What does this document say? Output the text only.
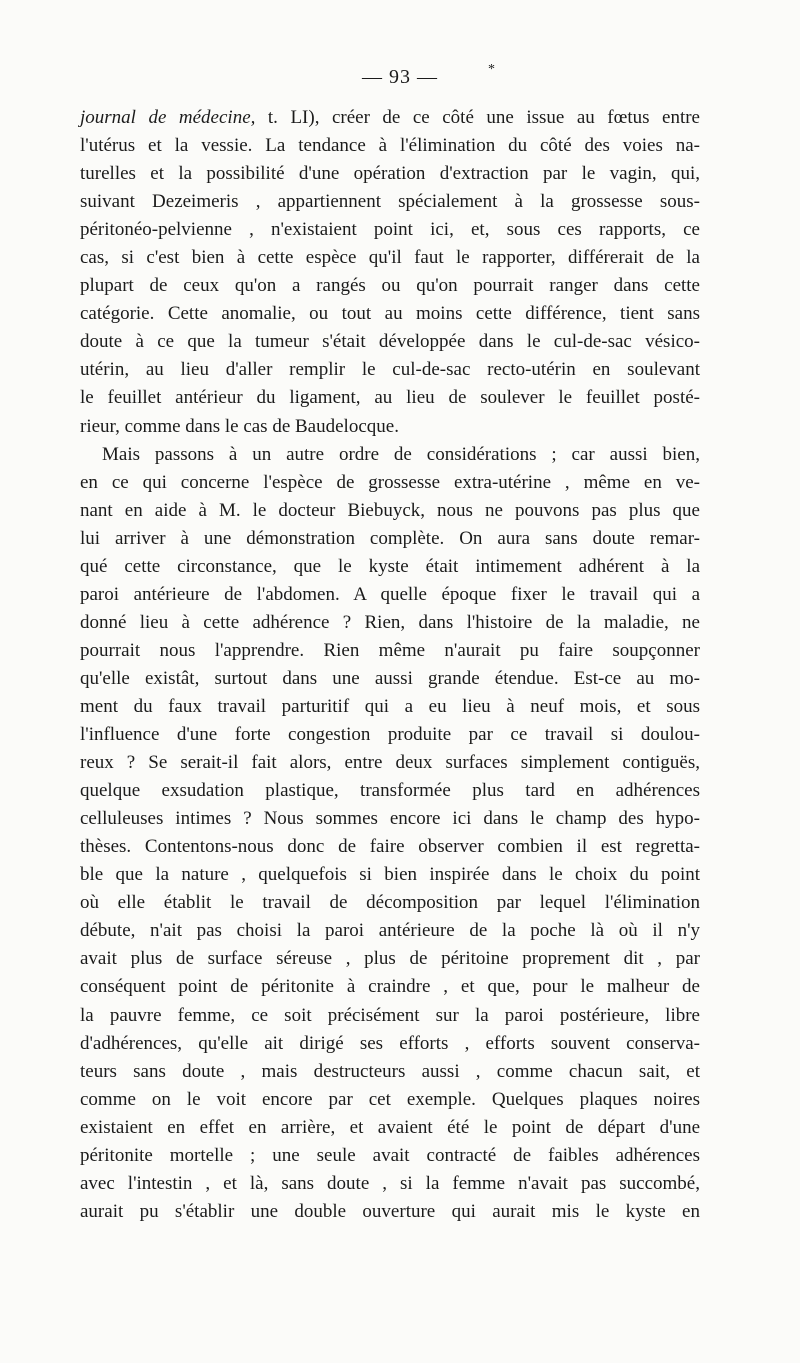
— 93 —	*
journal de médecine, t. LI), créer de ce côté une issue au fœtus entre
l'utérus et la vessie. La tendance à l'élimination du côté des voies na-
turelles et la possibilité d'une opération d'extraction par le vagin, qui,
suivant Dezeimeris , appartiennent spécialement à la grossesse sous-
péritonéo-pelvienne , n'existaient point ici, et, sous ces rapports, ce
cas, si c'est bien à cette espèce qu'il faut le rapporter, différerait de la
plupart de ceux qu'on a rangés ou qu'on pourrait ranger dans cette
catégorie. Cette anomalie, ou tout au moins cette différence, tient sans
doute à ce que la tumeur s'était développée dans le cul-de-sac vésico-
utérin, au lieu d'aller remplir le cul-de-sac recto-utérin en soulevant
le feuillet antérieur du ligament, au lieu de soulever le feuillet posté-
rieur, comme dans le cas de Baudelocque.
Mais passons à un autre ordre de considérations ; car aussi bien,
en ce qui concerne l'espèce de grossesse extra-utérine , même en ve-
nant en aide à M. le docteur Biebuyck, nous ne pouvons pas plus que
lui arriver à une démonstration complète. On aura sans doute remar-
qué cette circonstance, que le kyste était intimement adhérent à la
paroi antérieure de l'abdomen. A quelle époque fixer le travail qui a
donné lieu à cette adhérence ? Rien, dans l'histoire de la maladie, ne
pourrait nous l'apprendre. Rien même n'aurait pu faire soupçonner
qu'elle existât, surtout dans une aussi grande étendue. Est-ce au mo-
ment du faux travail parturitif qui a eu lieu à neuf mois, et sous
l'influence d'une forte congestion produite par ce travail si doulou-
reux ? Se serait-il fait alors, entre deux surfaces simplement contiguës,
quelque exsudation plastique, transformée plus tard en adhérences
celluleuses intimes ? Nous sommes encore ici dans le champ des hypo-
thèses. Contentons-nous donc de faire observer combien il est regretta-
ble que la nature , quelquefois si bien inspirée dans le choix du point
où elle établit le travail de décomposition par lequel l'élimination
débute, n'ait pas choisi la paroi antérieure de la poche là où il n'y
avait plus de surface séreuse , plus de péritoine proprement dit , par
conséquent point de péritonite à craindre , et que, pour le malheur de
la pauvre femme, ce soit précisément sur la paroi postérieure, libre
d'adhérences, qu'elle ait dirigé ses efforts , efforts souvent conserva-
teurs sans doute , mais destructeurs aussi , comme chacun sait, et
comme on le voit encore par cet exemple. Quelques plaques noires
existaient en effet en arrière, et avaient été le point de départ d'une
péritonite mortelle ; une seule avait contracté de faibles adhérences
avec l'intestin , et là, sans doute , si la femme n'avait pas succombé,
aurait pu s'établir une double ouverture qui aurait mis le kyste en
